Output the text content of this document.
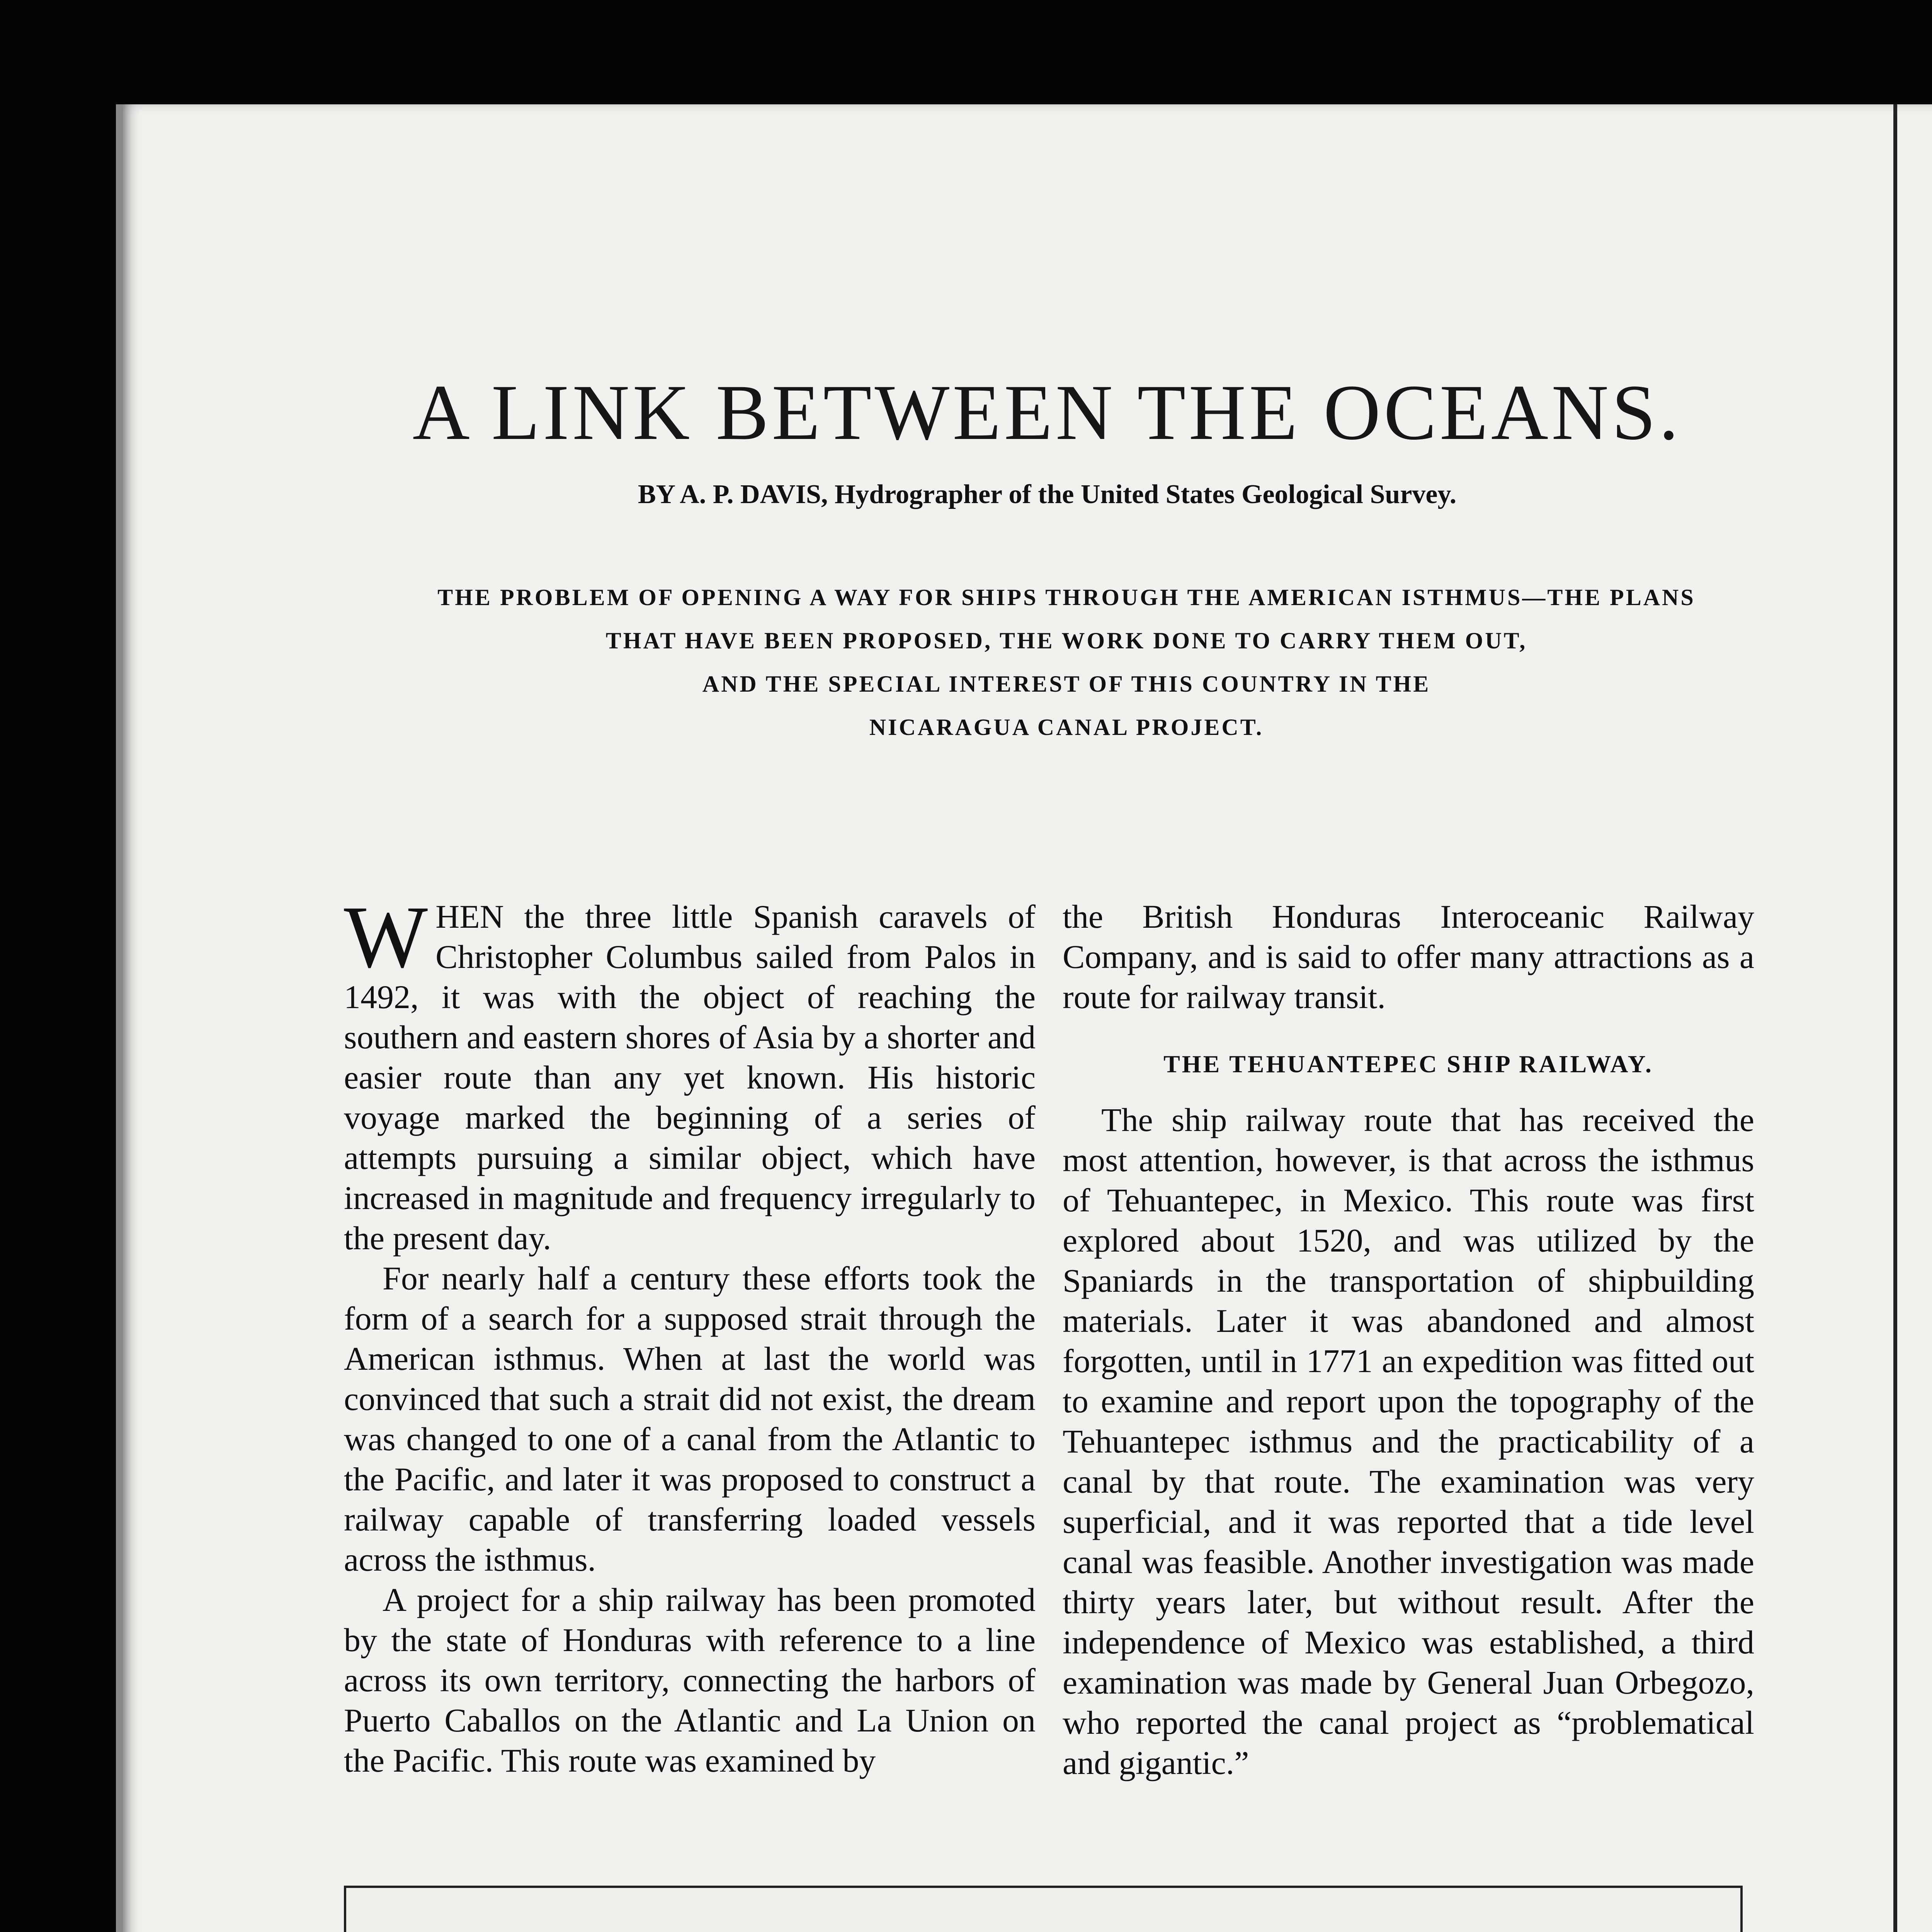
A LINK BETWEEN THE OCEANS.
BY A. P. DAVIS, Hydrographer of the United States Geological Survey.
THE PROBLEM OF OPENING A WAY FOR SHIPS THROUGH THE AMERICAN ISTHMUS—THE PLANS
THAT HAVE BEEN PROPOSED, THE WORK DONE TO CARRY THEM OUT,
AND THE SPECIAL INTEREST OF THIS COUNTRY IN THE
NICARAGUA CANAL PROJECT.

WHEN the three little Spanish caravels of Christopher Columbus sailed from Palos in 1492, it was with the object of reaching the southern and eastern shores of Asia by a shorter and easier route than any yet known. His historic voyage marked the beginning of a series of attempts pursuing a similar object, which have increased in magnitude and frequency irregularly to the present day.

For nearly half a century these efforts took the form of a search for a supposed strait through the American isthmus. When at last the world was convinced that such a strait did not exist, the dream was changed to one of a canal from the Atlantic to the Pacific, and later it was proposed to construct a railway capable of transferring loaded vessels across the isthmus.

A project for a ship railway has been promoted by the state of Honduras with reference to a line across its own territory, connecting the harbors of Puerto Caballos on the Atlantic and La Union on the Pacific. This route was examined by

the British Honduras Interoceanic Railway Company, and is said to offer many attractions as a route for railway transit.

THE TEHUANTEPEC SHIP RAILWAY.

The ship railway route that has received the most attention, however, is that across the isthmus of Tehuantepec, in Mexico. This route was first explored about 1520, and was utilized by the Spaniards in the transportation of shipbuilding materials. Later it was abandoned and almost forgotten, until in 1771 an expedition was fitted out to examine and report upon the topography of the Tehuantepec isthmus and the practicability of a canal by that route. The examination was very superficial, and it was reported that a tide level canal was feasible. Another investigation was made thirty years later, but without result. After the independence of Mexico was established, a third examination was made by General Juan Orbegozo, who reported the canal project as “problematical and gigantic.”
